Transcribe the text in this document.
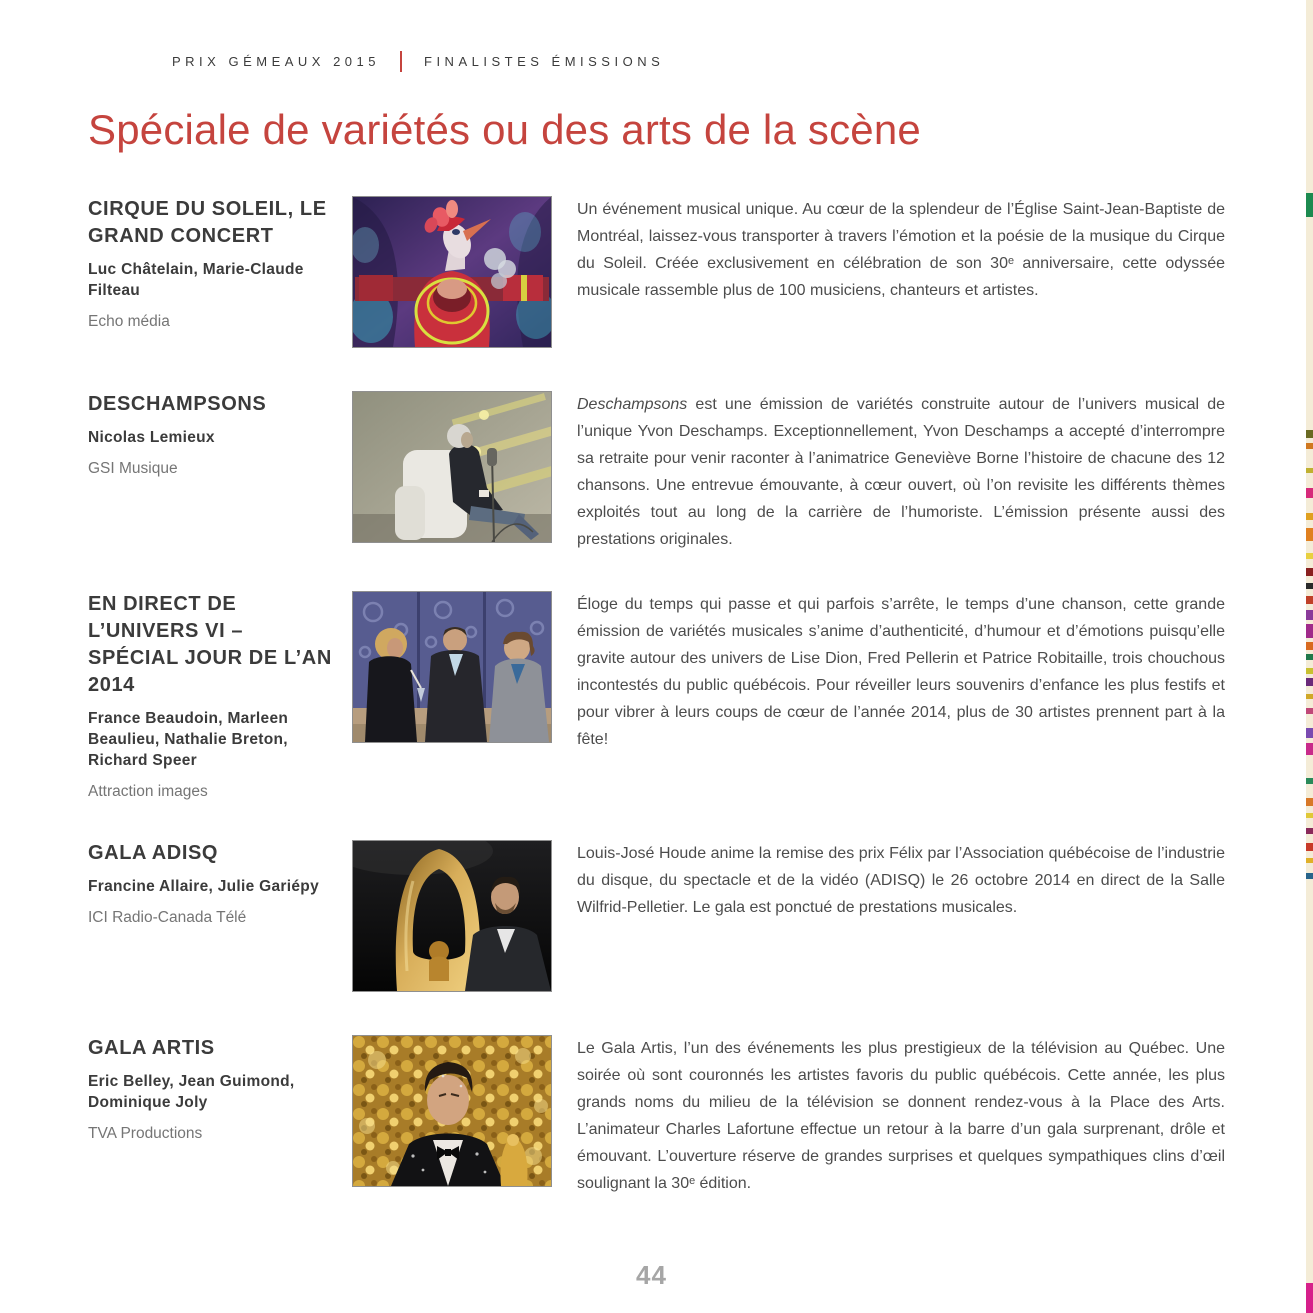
PRIX GÉMEAUX 2015	FINALISTES ÉMISSIONS
Spéciale de variétés ou des arts de la scène
CIRQUE DU SOLEIL, LE GRAND CONCERT

Luc Châtelain, Marie-Claude Filteau

Echo média

Un événement musical unique. Au cœur de la splendeur de l’Église Saint-Jean-Baptiste de Montréal, laissez-vous transporter à travers l’émotion et la poésie de la musique du Cirque du Soleil. Créée exclusivement en célébration de son 30ᵉ anniversaire, cette odyssée musicale rassemble plus de 100 musiciens, chanteurs et artistes.

DESCHAMPSONS

Nicolas Lemieux

GSI Musique

Deschampsons est une émission de variétés construite autour de l’univers musical de l’unique Yvon Deschamps. Exceptionnellement, Yvon Deschamps a accepté d’interrompre sa retraite pour venir raconter à l’animatrice Geneviève Borne l’histoire de chacune des 12 chansons. Une entrevue émouvante, à cœur ouvert, où l’on revisite les différents thèmes exploités tout au long de la carrière de l’humoriste. L’émission présente aussi des prestations originales.

EN DIRECT DE L’UNIVERS VI – SPÉCIAL JOUR DE L’AN 2014

France Beaudoin, Marleen Beaulieu, Nathalie Breton, Richard Speer

Attraction images

Éloge du temps qui passe et qui parfois s’arrête, le temps d’une chanson, cette grande émission de variétés musicales s’anime d’authenticité, d’humour et d’émotions puisqu’elle gravite autour des univers de Lise Dion, Fred Pellerin et Patrice Robitaille, trois chouchous incontestés du public québécois. Pour réveiller leurs souvenirs d’enfance les plus festifs et pour vibrer à leurs coups de cœur de l’année 2014, plus de 30 artistes prennent part à la fête!

GALA ADISQ

Francine Allaire, Julie Gariépy

ICI Radio-Canada Télé

Louis-José Houde anime la remise des prix Félix par l’Association québécoise de l’industrie du disque, du spectacle et de la vidéo (ADISQ) le 26 octobre 2014 en direct de la Salle Wilfrid-Pelletier. Le gala est ponctué de prestations musicales.

GALA ARTIS

Eric Belley, Jean Guimond, Dominique Joly

TVA Productions

Le Gala Artis, l’un des événements les plus prestigieux de la télévision au Québec. Une soirée où sont couronnés les artistes favoris du public québécois. Cette année, les plus grands noms du milieu de la télévision se donnent rendez-vous à la Place des Arts. L’animateur Charles Lafortune effectue un retour à la barre d’un gala surprenant, drôle et émouvant. L’ouverture réserve de grandes surprises et quelques sympathiques clins d’œil soulignant la 30ᵉ édition.

44
